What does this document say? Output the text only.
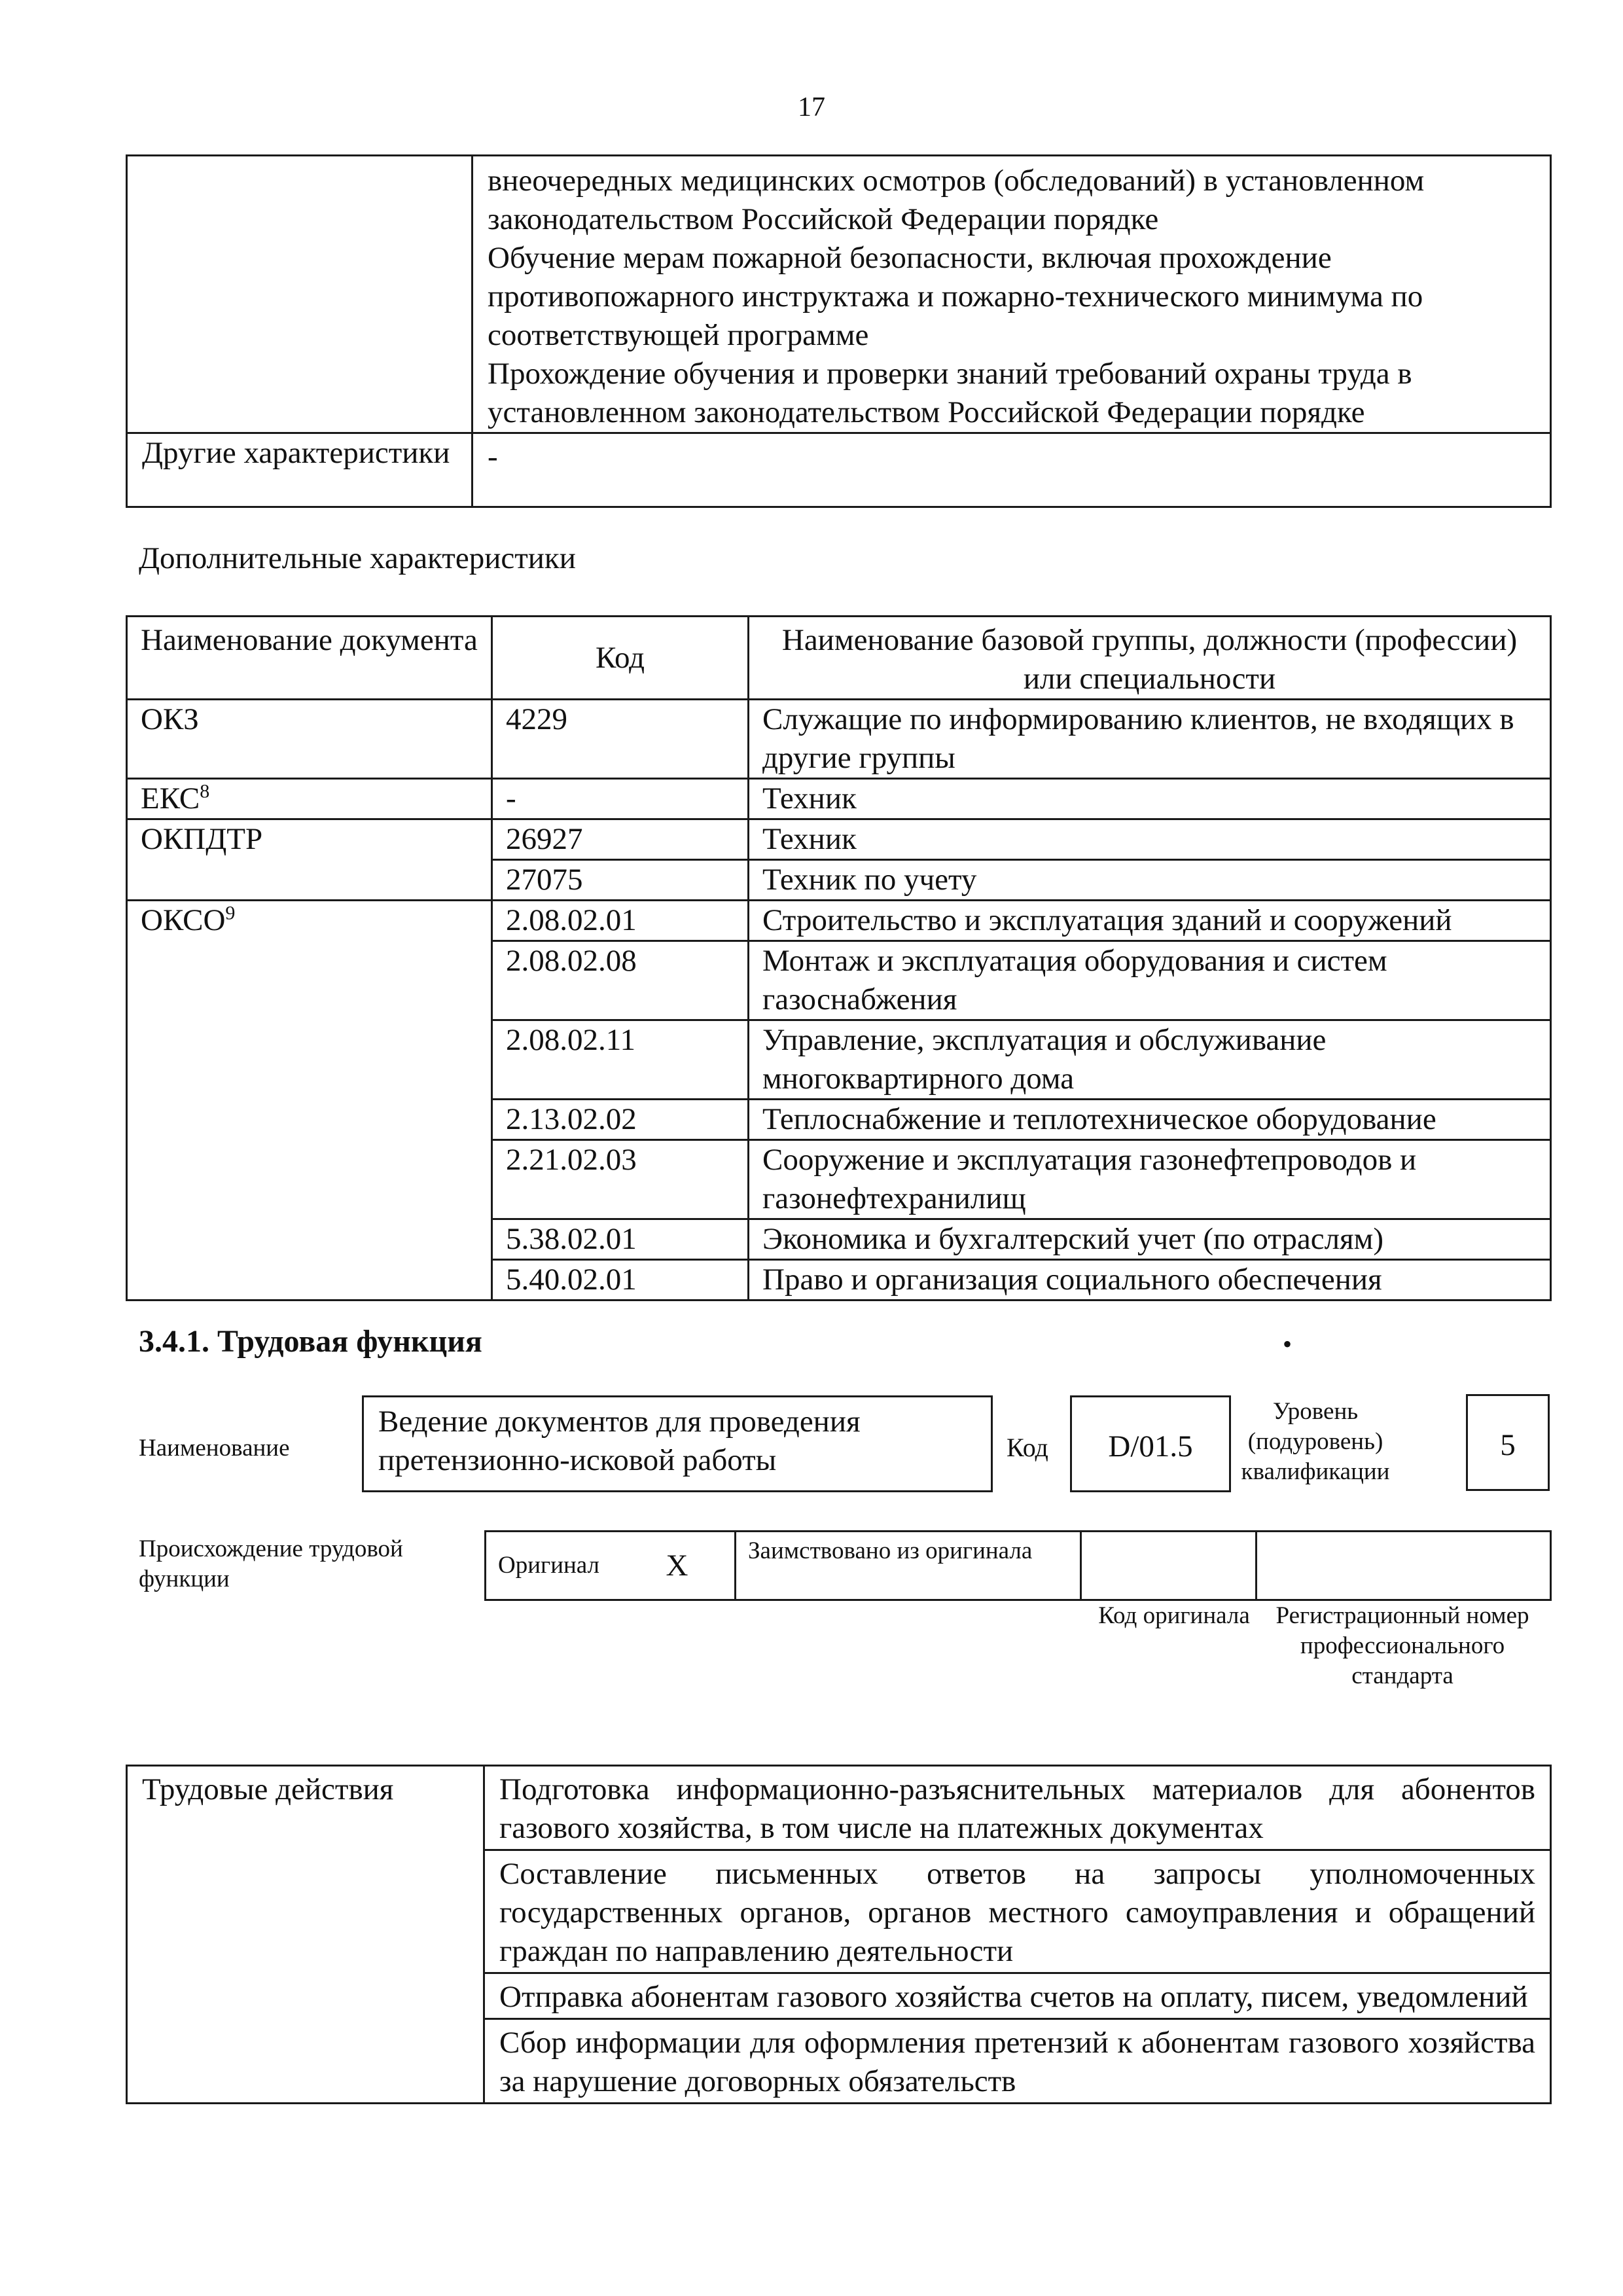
17

	внеочередных медицинских осмотров (обследований) в установленном законодательством Российской Федерации порядке
Обучение мерам пожарной безопасности, включая прохождение противопожарного инструктажа и пожарно-технического минимума по соответствующей программе
Прохождение обучения и проверки знаний требований охраны труда в установленном законодательством Российской Федерации порядке

Другие характеристики	-
Дополнительные характеристики
Наименование документа	Код	Наименование базовой группы, должности (профессии) или специальности
ОКЗ	4229	Служащие по информированию клиентов, не входящих в другие группы
ЕКС$^8$	-	Техник
ОКПДТР	26927	Техник
	27075	Техник по учету
ОКСО$^9$	2.08.02.01	Строительство и эксплуатация зданий и сооружений
	2.08.02.08	Монтаж и эксплуатация оборудования и систем газоснабжения
	2.08.02.11	Управление, эксплуатация и обслуживание многоквартирного дома
	2.13.02.02	Теплоснабжение и теплотехническое оборудование
	2.21.02.03	Сооружение и эксплуатация газонефтепроводов и газонефтехранилищ
	5.38.02.01	Экономика и бухгалтерский учет (по отраслям)
	5.40.02.01	Право и организация социального обеспечения
3.4.1. Трудовая функция	•
Наименование
Ведение документов для проведения претензионно-исковой работы	Код	D/01.5
Уровень (подуровень) квалификации
5
Происхождение трудовой функции
Оригинал	X	Заимствовано из оригинала		
Код оригинала	Регистрационный номер профессионального стандарта
Трудовые действия	Подготовка информационно-разъяснительных материалов для абонентов газового хозяйства, в том числе на платежных документах
Составление письменных ответов на запросы уполномоченных государственных органов, органов местного самоуправления и обращений граждан по направлению деятельности
Отправка абонентам газового хозяйства счетов на оплату, писем, уведомлений
Сбор информации для оформления претензий к абонентам газового хозяйства за нарушение договорных обязательств
